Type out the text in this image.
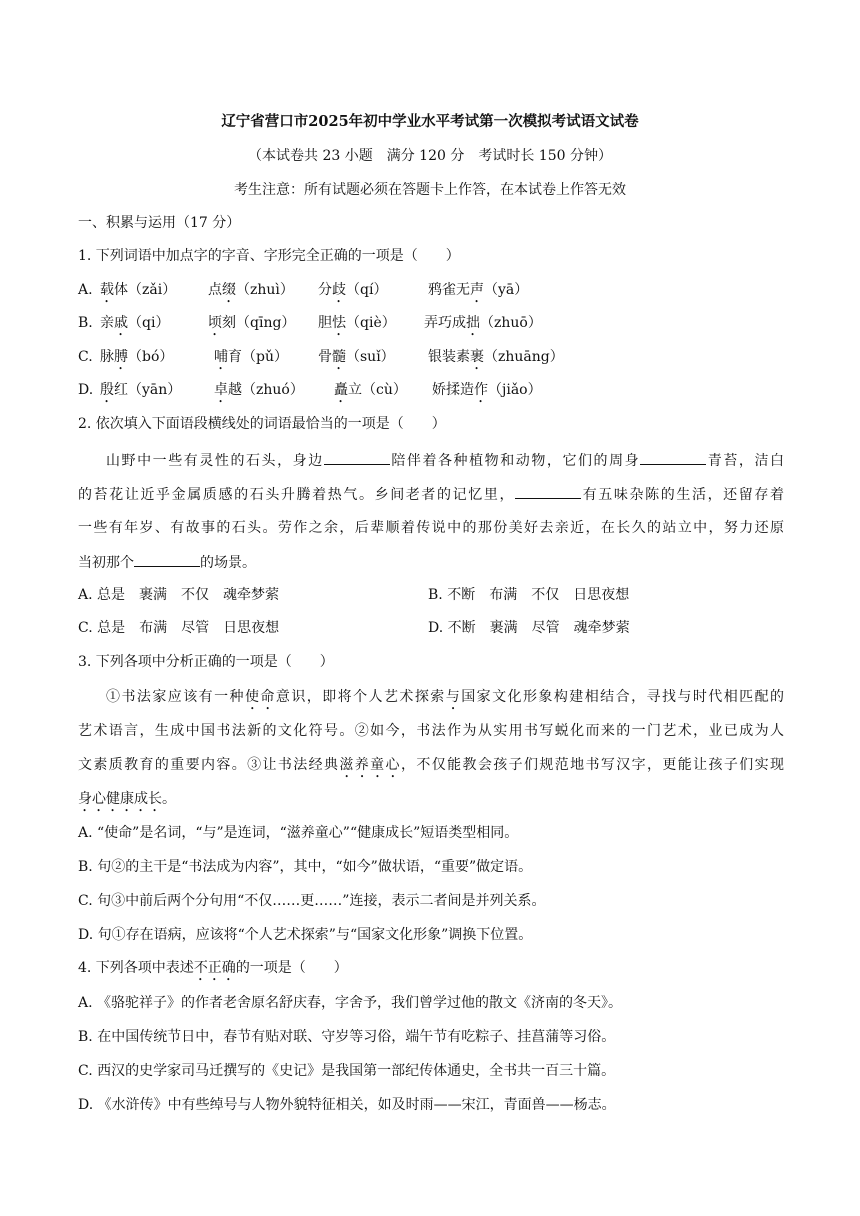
辽宁省营口市2025年初中学业水平考试第一次模拟考试语文试卷
（本试卷共 23 小题　满分 120 分　考试时长 150 分钟）
考生注意：所有试题必须在答题卡上作答，在本试卷上作答无效
一、积累与运用（17 分）
1. 下列词语中加点字的字音、字形完全正确的一项是（　　）
A. 载体（zǎi） 点缀（zhuì） 分歧（qí）	鸦雀无声（yā）
B. 亲戚（qi）	顷刻（qīng） 胆怯（qiè） 弄巧成拙（zhuō）
C. 脉膊（bó）	哺育（pǔ） 骨髓（suǐ） 银装素裹（zhuāng）
D. 殷红（yān） 卓越（zhuó） 矗立（cù） 娇揉造作（jiǎo）
2. 依次填入下面语段横线处的词语最恰当的一项是（　　）
山野中一些有灵性的石头，身边	陪伴着各种植物和动物，它们的周身	青苔，洁白
的苔花让近乎金属质感的石头升腾着热气。乡间老者的记忆里，	有五味杂陈的生活，还留存着
一些有年岁、有故事的石头。劳作之余，后辈顺着传说中的那份美好去亲近，在长久的站立中，努力还原
当初那个	的场景。
A. 总是　裹满　不仅　魂牵梦萦	B. 不断　布满　不仅　日思夜想
C. 总是　布满　尽管　日思夜想	D. 不断　裹满　尽管　魂牵梦萦
3. 下列各项中分析正确的一项是（　　）
①书法家应该有一种使命意识，即将个人艺术探索与国家文化形象构建相结合，寻找与时代相匹配的
艺术语言，生成中国书法新的文化符号。②如今，书法作为从实用书写蜕化而来的一门艺术，业已成为人
文素质教育的重要内容。③让书法经典滋养童心，不仅能教会孩子们规范地书写汉字，更能让孩子们实现
身心健康成长。
A. “使命”是名词，“与”是连词，“滋养童心”“健康成长”短语类型相同。
B. 句②的主干是“书法成为内容”，其中，“如今”做状语，“重要”做定语。
C. 句③中前后两个分句用“不仅……更……”连接，表示二者间是并列关系。
D. 句①存在语病，应该将“个人艺术探索”与“国家文化形象”调换下位置。
4. 下列各项中表述不正确的一项是（　　）
A. 《骆驼祥子》的作者老舍原名舒庆春，字舍予，我们曾学过他的散文《济南的冬天》。
B. 在中国传统节日中，春节有贴对联、守岁等习俗，端午节有吃粽子、挂菖蒲等习俗。
C. 西汉的史学家司马迁撰写的《史记》是我国第一部纪传体通史，全书共一百三十篇。
D. 《水浒传》中有些绰号与人物外貌特征相关，如及时雨——宋江，青面兽——杨志。
